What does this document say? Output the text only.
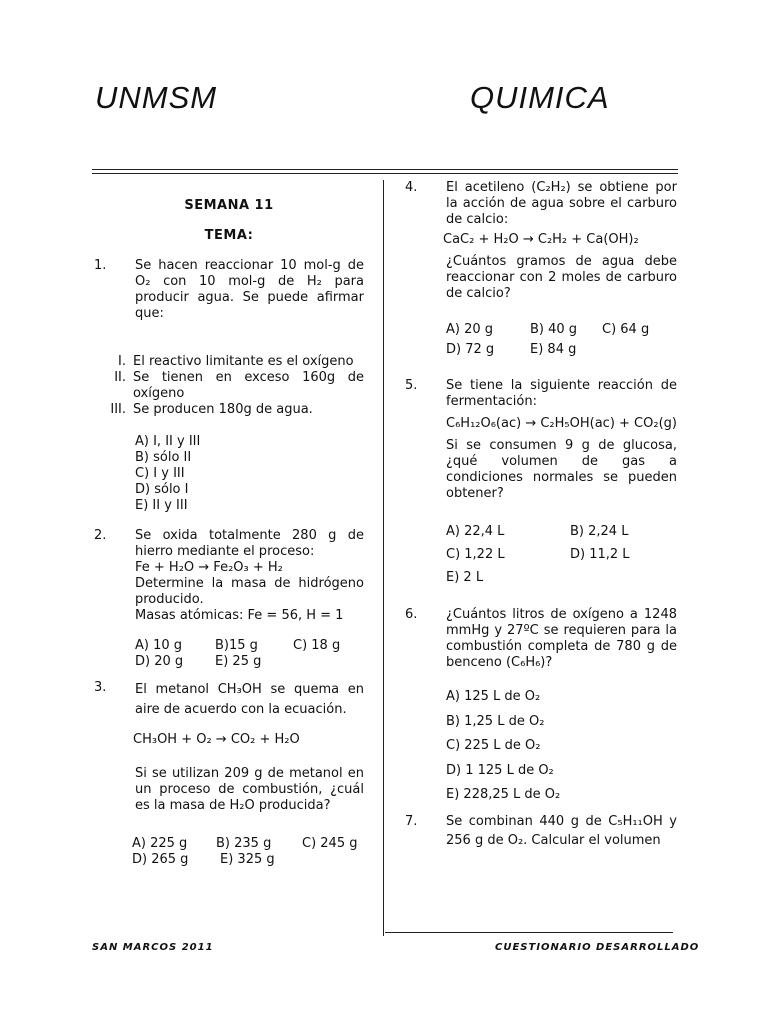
UNMSM	QUIMICA
SEMANA 11
TEMA:
1. Se hacen reaccionar 10 mol-g de O₂ con 10 mol-g de H₂ para producir agua. Se puede afirmar que:

I. El reactivo limitante es el oxígeno
II. Se tienen en exceso 160g de oxígeno
III. Se producen 180g de agua.
A) I, II y III
B) sólo II
C) I y III
D) sólo I
E) II y III
2. Se oxida totalmente 280 g de hierro mediante el proceso:

Fe + H₂O → Fe₂O₃ + H₂

Determine la masa de hidrógeno producido.

Masas atómicas: Fe = 56, H = 1

A) 10 g	B)15 g	C) 18 g
D) 20 g	E) 25 g
3. El metanol CH₃OH se quema en aire de acuerdo con la ecuación.

CH₃OH + O₂ → CO₂ + H₂O

Si se utilizan 209 g de metanol en un proceso de combustión, ¿cuál es la masa de H₂O producida?

A) 225 g	B) 235 g	C) 245 g
D) 265 g	E) 325 g
4. El acetileno (C₂H₂) se obtiene por la acción de agua sobre el carburo de calcio:

CaC₂ + H₂O → C₂H₂ + Ca(OH)₂

¿Cuántos gramos de agua debe reaccionar con 2 moles de carburo de calcio?

A) 20 g	B) 40 g	C) 64 g
D) 72 g	E) 84 g
5. Se tiene la siguiente reacción de fermentación:

C₆H₁₂O₆(ac) → C₂H₅OH(ac) + CO₂(g)

Si se consumen 9 g de glucosa, ¿qué volumen de gas a condiciones normales se pueden obtener?

A) 22,4 L	B) 2,24 L
C) 1,22 L	D) 11,2 L
E) 2 L
6. ¿Cuántos litros de oxígeno a 1248 mmHg y 27ºC se requieren para la combustión completa de 780 g de benceno (C₆H₆)?

A) 125 L de O₂
B) 1,25 L de O₂
C) 225 L de O₂
D) 1 125 L de O₂
E) 228,25 L de O₂
7. Se combinan 440 g de C₅H₁₁OH y 256 g de O₂. Calcular el volumen

SAN MARCOS 2011	CUESTIONARIO DESARROLLADO
